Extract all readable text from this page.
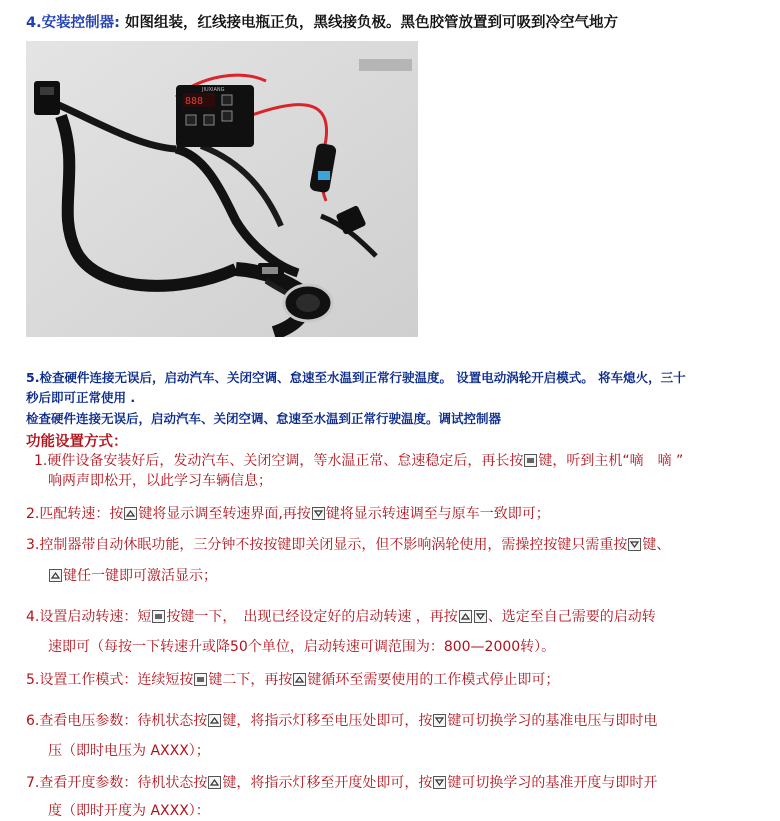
4.安装控制器: 如图组装，红线接电瓶正负，黑线接负极。黑色胶管放置到可吸到冷空气地方
888
JIUXIANG
5.检查硬件连接无误后，启动汽车、关闭空调、怠速至水温到正常行驶温度。 设置电动涡轮开启模式。 将车熄火，三十
秒后即可正常使用 .
检查硬件连接无误后，启动汽车、关闭空调、怠速至水温到正常行驶温度。调试控制器
功能设置方式：
1.硬件设备安装好后，发动汽车、关闭空调，等水温正常、怠速稳定后，再长按 键，听到主机“嘀　嘀 ”
响两声即松开，以此学习车辆信息；
2.匹配转速：按 键将显示调至转速界面,再按 键将显示转速调至与原车一致即可；
3.控制器带自动休眠功能，三分钟不按按键即关闭显示，但不影响涡轮使用，需操控按键只需重按 键、
键任一键即可激活显示；
4.设置启动转速：短 按键一下，　出现已经设定好的启动转速 ，再按 、选定至自己需要的启动转
速即可（每按一下转速升或降50个单位，启动转速可调范围为：800—2000转）。
5.设置工作模式：连续短按 键二下，再按 键循环至需要使用的工作模式停止即可；
6.查看电压参数：待机状态按 键，将指示灯移至电压处即可，按 键可切换学习的基准电压与即时电
压（即时电压为 AXXX）；
7.查看开度参数：待机状态按 键，将指示灯移至开度处即可，按 键可切换学习的基准开度与即时开
度（即时开度为 AXXX）：
